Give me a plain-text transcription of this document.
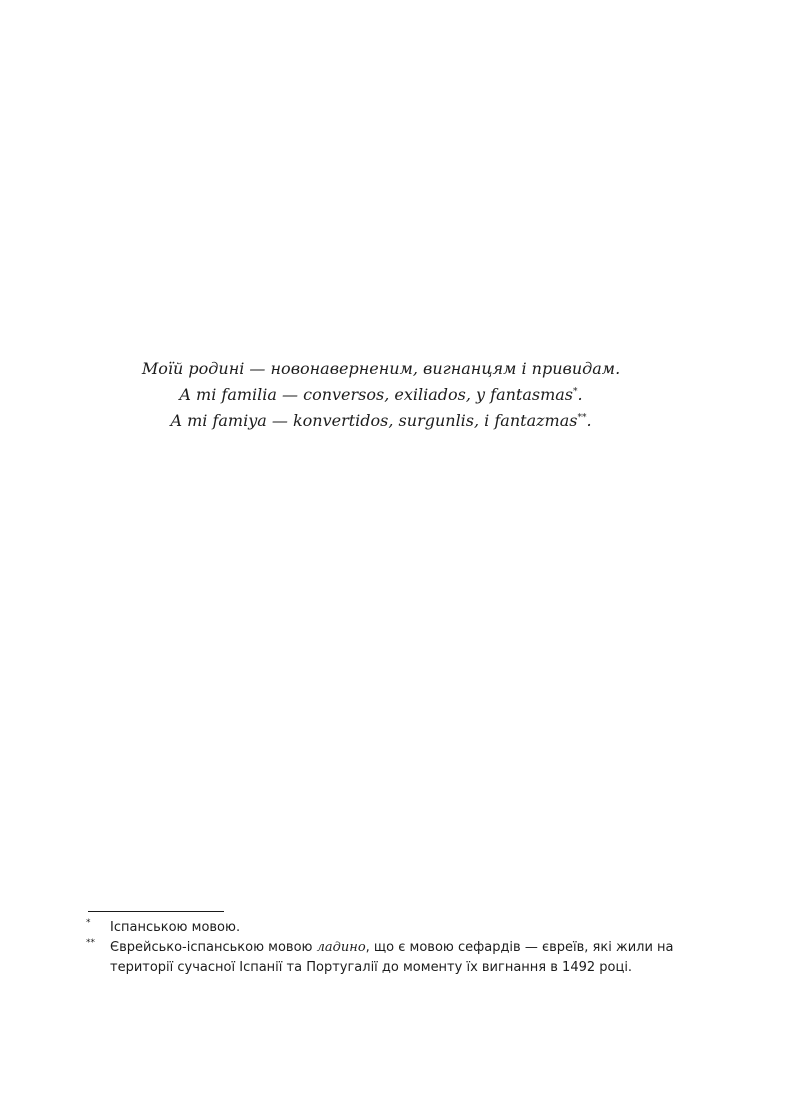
Моїй родині — новонаверненим, вигнанцям і привидам.
A mi familia — conversos, exiliados, y fantasmas*.
A mi famiya — konvertidos, surgunlis, i fantazmas**.
* Іспанською мовою.
** Єврейсько-іспанською мовою ладино, що є мовою сефардів — євреїв, які жили на території сучасної Іспанії та Португалії до моменту їх вигнання в 1492 році.
